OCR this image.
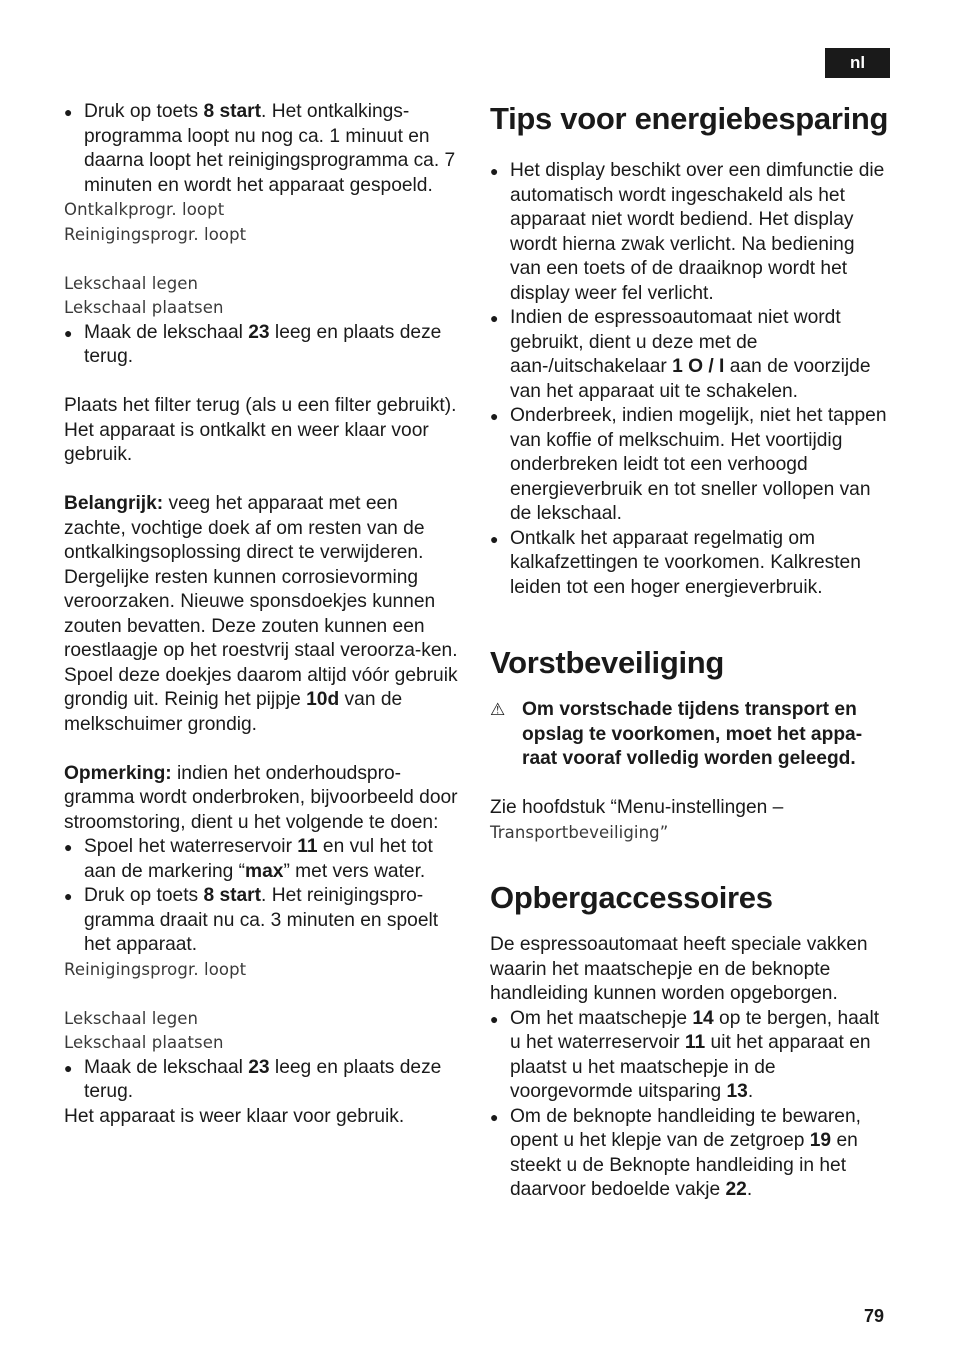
nl

● Druk op toets 8 start. Het ontkalkings-programma loopt nu nog ca. 1 minuut en daarna loopt het reinigingsprogramma ca. 7 minuten en wordt het apparaat gespoeld.

Ontkalkprogr. loopt

Reinigingsprogr. loopt

Lekschaal legen

Lekschaal plaatsen

● Maak de lekschaal 23 leeg en plaats deze terug.

Plaats het filter terug (als u een filter gebruikt). Het apparaat is ontkalkt en weer klaar voor gebruik.

Belangrijk: veeg het apparaat met een zachte, vochtige doek af om resten van de ontkalkingsoplossing direct te verwijderen. Dergelijke resten kunnen corrosievorming veroorzaken. Nieuwe sponsdoekjes kunnen zouten bevatten. Deze zouten kunnen een roestlaagje op het roestvrij staal veroorza-ken. Spoel deze doekjes daarom altijd vóór gebruik grondig uit. Reinig het pijpje 10d van de melkschuimer grondig.

Opmerking: indien het onderhoudspro-gramma wordt onderbroken, bijvoorbeeld door stroomstoring, dient u het volgende te doen:

● Spoel het waterreservoir 11 en vul het tot aan de markering “max” met vers water.

● Druk op toets 8 start. Het reinigingspro-gramma draait nu ca. 3 minuten en spoelt het apparaat.

Reinigingsprogr. loopt

Lekschaal legen

Lekschaal plaatsen

● Maak de lekschaal 23 leeg en plaats deze terug.

Het apparaat is weer klaar voor gebruik.

Tips voor energiebesparing

● Het display beschikt over een dimfunctie die automatisch wordt ingeschakeld als het apparaat niet wordt bediend. Het display wordt hierna zwak verlicht. Na bediening van een toets of de draaiknop wordt het display weer fel verlicht.

● Indien de espressoautomaat niet wordt gebruikt, dient u deze met de aan-/uitschakelaar 1 O / I aan de voorzijde van het apparaat uit te schakelen.

● Onderbreek, indien mogelijk, niet het tappen van koffie of melkschuim. Het voortijdig onderbreken leidt tot een verhoogd energieverbruik en tot sneller vollopen van de lekschaal.

● Ontkalk het apparaat regelmatig om kalkafzettingen te voorkomen. Kalkresten leiden tot een hoger energieverbruik.

Vorstbeveiliging

⚠ Om vorstschade tijdens transport en opslag te voorkomen, moet het appa-raat vooraf volledig worden geleegd.

Zie hoofdstuk “Menu-instellingen –

Transportbeveiliging”

Opbergaccessoires

De espressoautomaat heeft speciale vakken waarin het maatschepje en de beknopte handleiding kunnen worden opgeborgen.

● Om het maatschepje 14 op te bergen, haalt u het waterreservoir 11 uit het apparaat en plaatst u het maatschepje in de voorgevormde uitsparing 13.

● Om de beknopte handleiding te bewaren, opent u het klepje van de zetgroep 19 en steekt u de Beknopte handleiding in het daarvoor bedoelde vakje 22.

79
